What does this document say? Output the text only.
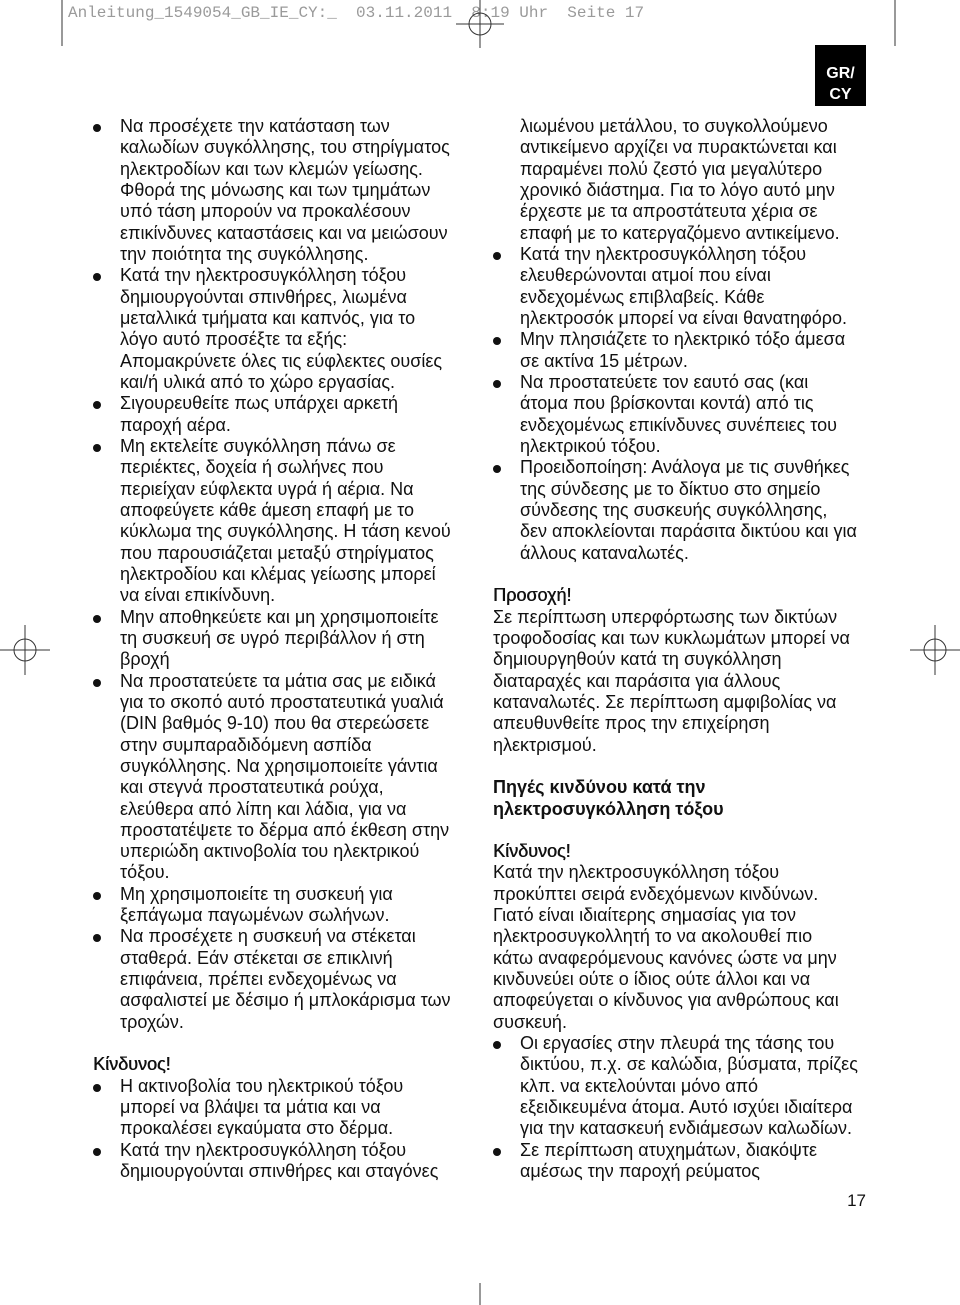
Anleitung_1549054_GB_IE_CY:_  03.11.2011  8:19 Uhr  Seite 17
GR/
CY
Να προσέχετε την κατάσταση των
καλωδίων συγκόλλησης, του στηρίγματος
ηλεκτροδίων και των κλεμών γείωσης.
Φθορά της μόνωσης και των τμημάτων
υπό τάση μπορούν να προκαλέσουν
επικίνδυνες καταστάσεις και να μειώσουν
την ποιότητα της συγκόλλησης.
Κατά την ηλεκτροσυγκόλληση τόξου
δημιουργούνται σπινθήρες, λιωμένα
μεταλλικά τμήματα και καπνός, για το
λόγο αυτό προσέξτε τα εξής:
Απομακρύνετε όλες τις εύφλεκτες ουσίες
και/ή υλικά από το χώρο εργασίας.
Σιγουρευθείτε πως υπάρχει αρκετή
παροχή αέρα.
Μη εκτελείτε συγκόλληση πάνω σε
περιέκτες, δοχεία ή σωλήνες που
περιείχαν εύφλεκτα υγρά ή αέρια. Να
αποφεύγετε κάθε άμεση επαφή με το
κύκλωμα της συγκόλλησης. Η τάση κενού
που παρουσιάζεται μεταξύ στηρίγματος
ηλεκτροδίου και κλέμας γείωσης μπορεί
να είναι επικίνδυνη.
Μην αποθηκεύετε και μη χρησιμοποιείτε
τη συσκευή σε υγρό περιβάλλον ή στη
βροχή
Να προστατεύετε τα μάτια σας με ειδικά
για το σκοπό αυτό προστατευτικά γυαλιά
(DIN βαθμός 9-10) που θα στερεώσετε
στην συμπαραδιδόμενη ασπίδα
συγκόλλησης. Να χρησιμοποιείτε γάντια
και στεγνά προστατευτικά ρούχα,
ελεύθερα από λίπη και λάδια, για να
προστατέψετε το δέρμα από έκθεση στην
υπεριώδη ακτινοβολία του ηλεκτρικού
τόξου.
Μη χρησιμοποιείτε τη συσκευή για
ξεπάγωμα παγωμένων σωλήνων.
Να προσέχετε η συσκευή να στέκεται
σταθερά. Εάν στέκεται σε επικλινή
επιφάνεια, πρέπει ενδεχομένως να
ασφαλιστεί με δέσιμο ή μπλοκάρισμα των
τροχών.
Κίνδυνος!
Η ακτινοβολία του ηλεκτρικού τόξου
μπορεί να βλάψει τα μάτια και να
προκαλέσει εγκαύματα στο δέρμα.
Κατά την ηλεκτροσυγκόλληση τόξου
δημιουργούνται σπινθήρες και σταγόνες
λιωμένου μετάλλου, το συγκολλούμενο
αντικείμενο αρχίζει να πυρακτώνεται και
παραμένει πολύ ζεστό για μεγαλύτερο
χρονικό διάστημα. Για το λόγο αυτό μην
έρχεστε με τα απροστάτευτα χέρια σε
επαφή με το κατεργαζόμενο αντικείμενο.
Κατά την ηλεκτροσυγκόλληση τόξου
ελευθερώνονται ατμοί που είναι
ενδεχομένως επιβλαβείς. Κάθε
ηλεκτροσόκ μπορεί να είναι θανατηφόρο.
Μην πλησιάζετε το ηλεκτρικό τόξο άμεσα
σε ακτίνα 15 μέτρων.
Να προστατεύετε τον εαυτό σας (και
άτομα που βρίσκονται κοντά) από τις
ενδεχομένως επικίνδυνες συνέπειες του
ηλεκτρικού τόξου.
Προειδοποίηση: Ανάλογα με τις συνθήκες
της σύνδεσης με το δίκτυο στο σημείο
σύνδεσης της συσκευής συγκόλλησης,
δεν αποκλείονται παράσιτα δικτύου και για
άλλους καταναλωτές.
Προσοχή!
Σε περίπτωση υπερφόρτωσης των δικτύων
τροφοδοσίας και των κυκλωμάτων μπορεί να
δημιουργηθούν κατά τη συγκόλληση
διαταραχές και παράσιτα για άλλους
καταναλωτές. Σε περίπτωση αμφιβολίας να
απευθυνθείτε προς την επιχείρηση
ηλεκτρισμού.
Πηγές κινδύνου κατά την
ηλεκτροσυγκόλληση τόξου
Κίνδυνος!
Κατά την ηλεκτροσυγκόλληση τόξου
προκύπτει σειρά ενδεχόμενων κινδύνων.
Γιατό είναι ιδιαίτερης σημασίας για τον
ηλεκτροσυγκολλητή το να ακολουθεί πιο
κάτω αναφερόμενους κανόνες ώστε να μην
κινδυνεύει ούτε ο ίδιος ούτε άλλοι και να
αποφεύγεται ο κίνδυνος για ανθρώπους και
συσκευή.
Οι εργασίες στην πλευρά της τάσης του
δικτύου, π.χ. σε καλώδια, βύσματα, πρίζες
κλπ. να εκτελούνται μόνο από
εξειδικευμένα άτομα. Αυτό ισχύει ιδιαίτερα
για την κατασκευή ενδιάμεσων καλωδίων.
Σε περίπτωση ατυχημάτων, διακόψτε
αμέσως την παροχή ρεύματος
17
